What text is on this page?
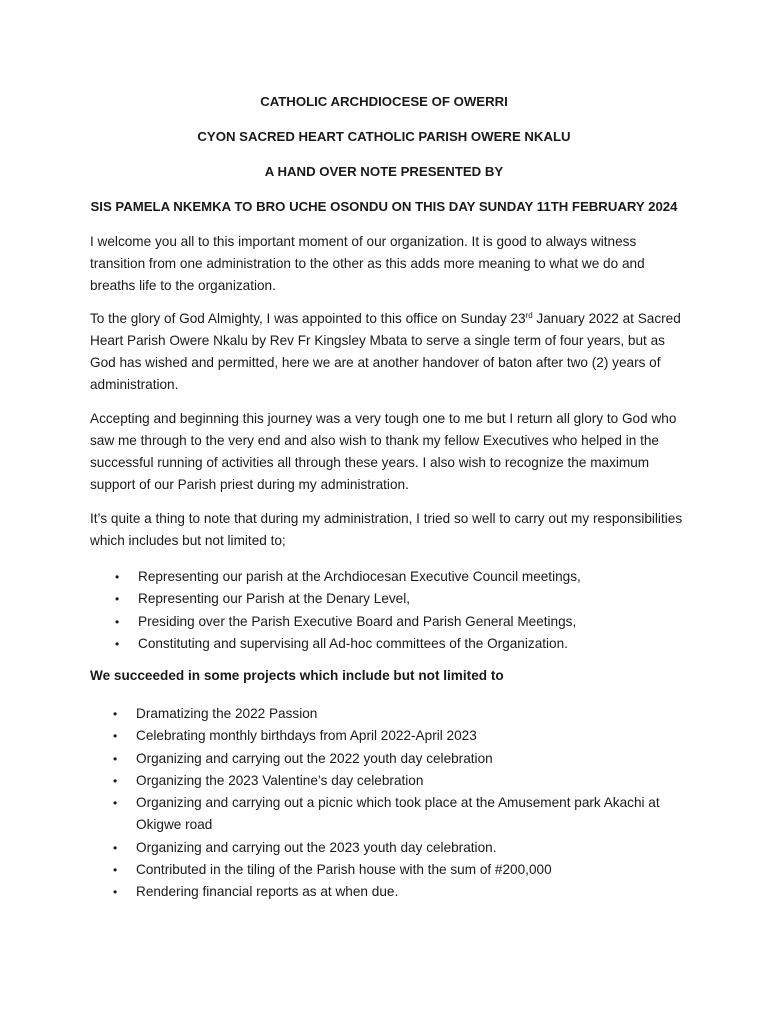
CATHOLIC ARCHDIOCESE OF OWERRI
CYON SACRED HEART CATHOLIC PARISH OWERE NKALU
A HAND OVER NOTE PRESENTED BY
SIS PAMELA NKEMKA TO BRO UCHE OSONDU ON THIS DAY SUNDAY 11TH FEBRUARY 2024

I welcome you all to this important moment of our organization. It is good to always witness transition from one administration to the other as this adds more meaning to what we do and breaths life to the organization.

To the glory of God Almighty, I was appointed to this office on Sunday 23rd January 2022 at Sacred Heart Parish Owere Nkalu by Rev Fr Kingsley Mbata to serve a single term of four years, but as God has wished and permitted, here we are at another handover of baton after two (2) years of administration.

Accepting and beginning this journey was a very tough one to me but I return all glory to God who saw me through to the very end and also wish to thank my fellow Executives who helped in the successful running of activities all through these years. I also wish to recognize the maximum support of our Parish priest during my administration.

It’s quite a thing to note that during my administration, I tried so well to carry out my responsibilities which includes but not limited to;

• Representing our parish at the Archdiocesan Executive Council meetings,
• Representing our Parish at the Denary Level,
• Presiding over the Parish Executive Board and Parish General Meetings,
• Constituting and supervising all Ad-hoc committees of the Organization.
We succeeded in some projects which include but not limited to
• Dramatizing the 2022 Passion
• Celebrating monthly birthdays from April 2022-April 2023
• Organizing and carrying out the 2022 youth day celebration
• Organizing the 2023 Valentine’s day celebration
• Organizing and carrying out a picnic which took place at the Amusement park Akachi at Okigwe road
• Organizing and carrying out the 2023 youth day celebration.
• Contributed in the tiling of the Parish house with the sum of #200,000
• Rendering financial reports as at when due.
